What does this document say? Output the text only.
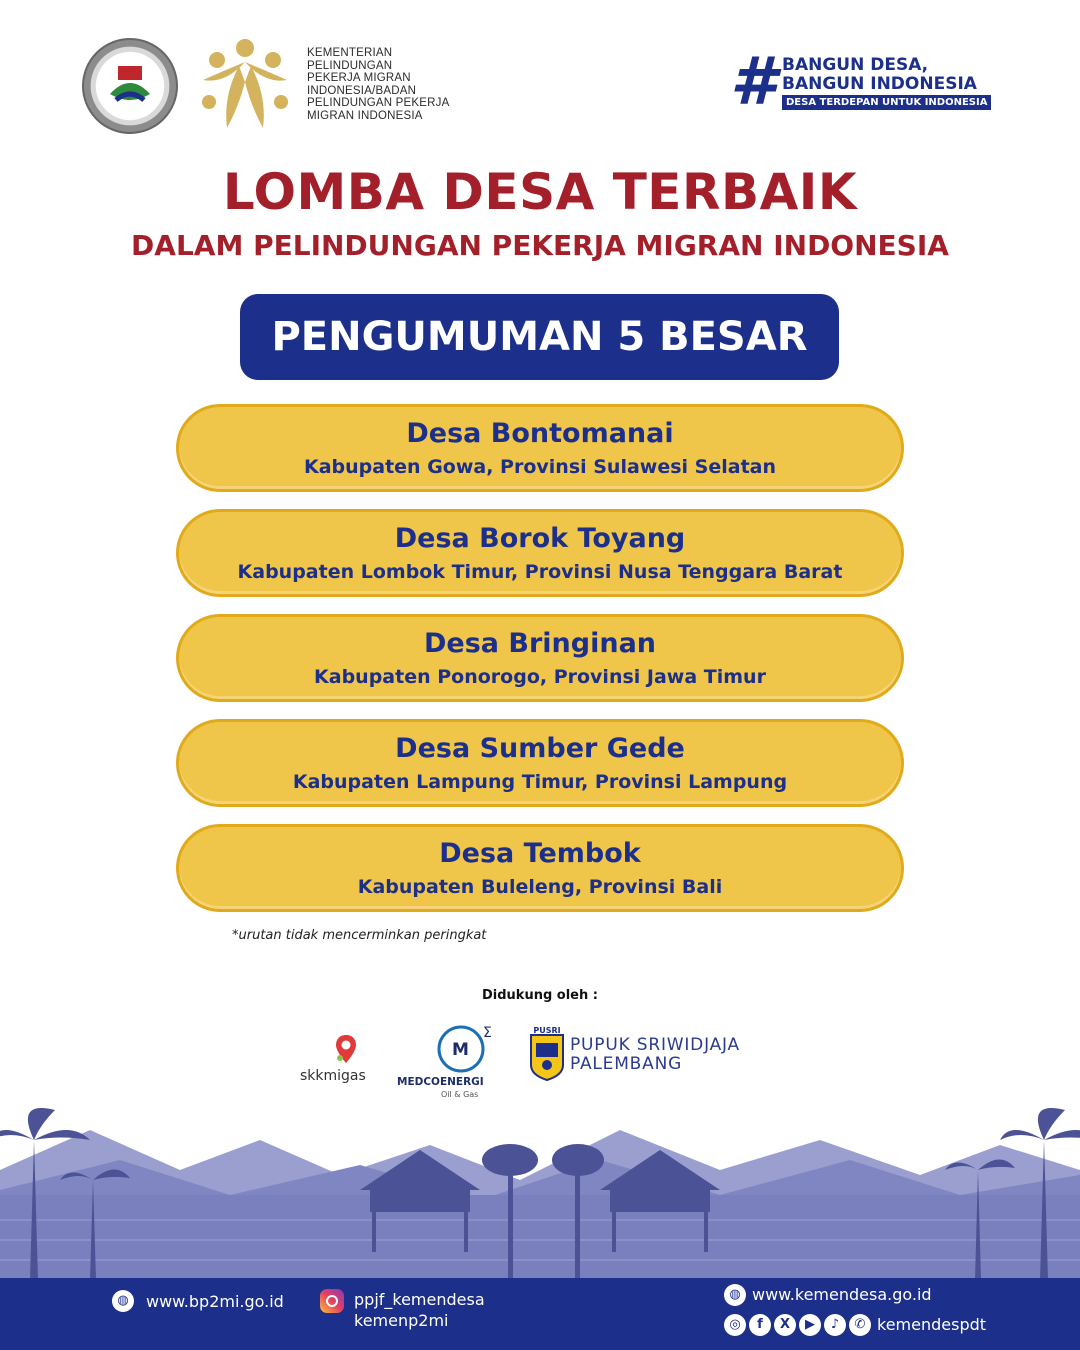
KEMENTERIAN
PELINDUNGAN
PEKERJA MIGRAN
INDONESIA/BADAN
PELINDUNGAN PEKERJA
MIGRAN INDONESIA	# BANGUN DESA,
BANGUN INDONESIA
DESA TERDEPAN UNTUK INDONESIA
LOMBA DESA TERBAIK
DALAM PELINDUNGAN PEKERJA MIGRAN INDONESIA
PENGUMUMAN 5 BESAR
Desa Bontomanai
Kabupaten Gowa, Provinsi Sulawesi Selatan
Desa Borok Toyang
Kabupaten Lombok Timur, Provinsi Nusa Tenggara Barat
Desa Bringinan
Kabupaten Ponorogo, Provinsi Jawa Timur
Desa Sumber Gede
Kabupaten Lampung Timur, Provinsi Lampung
Desa Tembok
Kabupaten Buleleng, Provinsi Bali
*urutan tidak mencerminkan peringkat
Didukung oleh :
skkmigas
M
Σ
MEDCOENERGI
Oil & Gas
PUSRI
PUPUK SRIWIDJAJA
PALEMBANG
◍	www.bp2mi.go.id	ppjf_kemendesa
kemenp2mi
◍ www.kemendesa.go.id
◎	f	X	▶	♪	✆ kemendespdt
